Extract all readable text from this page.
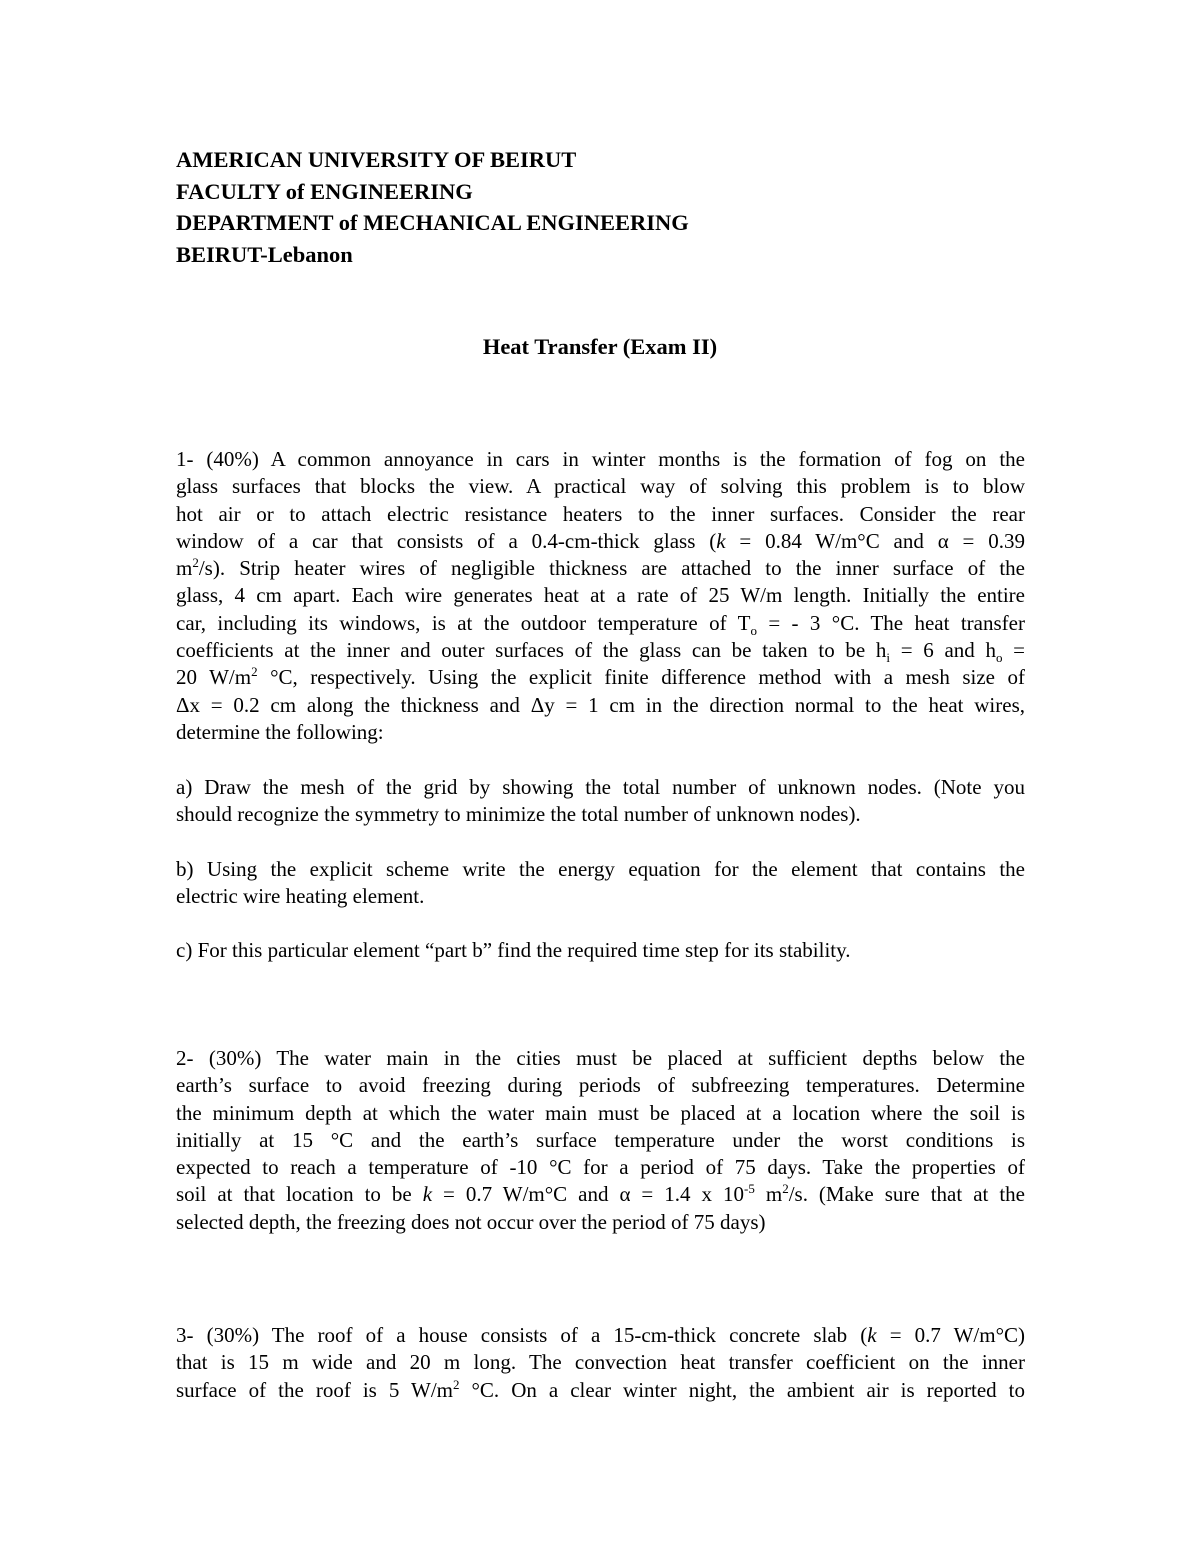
AMERICAN UNIVERSITY OF BEIRUT
FACULTY of ENGINEERING
DEPARTMENT of MECHANICAL ENGINEERING
BEIRUT-Lebanon
Heat Transfer (Exam II)
1- (40%) A common annoyance in cars in winter months is the formation of fog on the
glass surfaces that blocks the view. A practical way of solving this problem is to blow
hot air or to attach electric resistance heaters to the inner surfaces. Consider the rear
window of a car that consists of a 0.4-cm-thick glass (k = 0.84 W/m°C and α = 0.39
$m^2/s$). Strip heater wires of negligible thickness are attached to the inner surface of the
glass, 4 cm apart. Each wire generates heat at a rate of 25 W/m length. Initially the entire
car, including its windows, is at the outdoor temperature of $T_o$ = - 3 °C. The heat transfer
coefficients at the inner and outer surfaces of the glass can be taken to be $h_i = 6$ and $h_o$ =
20 $W/m^2$ °C, respectively. Using the explicit finite difference method with a mesh size of
Δx = 0.2 cm along the thickness and Δy = 1 cm in the direction normal to the heat wires,
determine the following:
a) Draw the mesh of the grid by showing the total number of unknown nodes. (Note you
should recognize the symmetry to minimize the total number of unknown nodes).
b) Using the explicit scheme write the energy equation for the element that contains the
electric wire heating element.
c) For this particular element “part b” find the required time step for its stability.
2- (30%) The water main in the cities must be placed at sufficient depths below the
earth’s surface to avoid freezing during periods of subfreezing temperatures. Determine
the minimum depth at which the water main must be placed at a location where the soil is
initially at 15 °C and the earth’s surface temperature under the worst conditions is
expected to reach a temperature of -10 °C for a period of 75 days. Take the properties of
soil at that location to be k = 0.7 W/m°C and α = 1.4 x $10^{-5}$ $m^2/s$. (Make sure that at the
selected depth, the freezing does not occur over the period of 75 days)
3- (30%) The roof of a house consists of a 15-cm-thick concrete slab (k = 0.7 W/m°C)
that is 15 m wide and 20 m long. The convection heat transfer coefficient on the inner
surface of the roof is 5 $W/m^2$ °C. On a clear winter night, the ambient air is reported to
